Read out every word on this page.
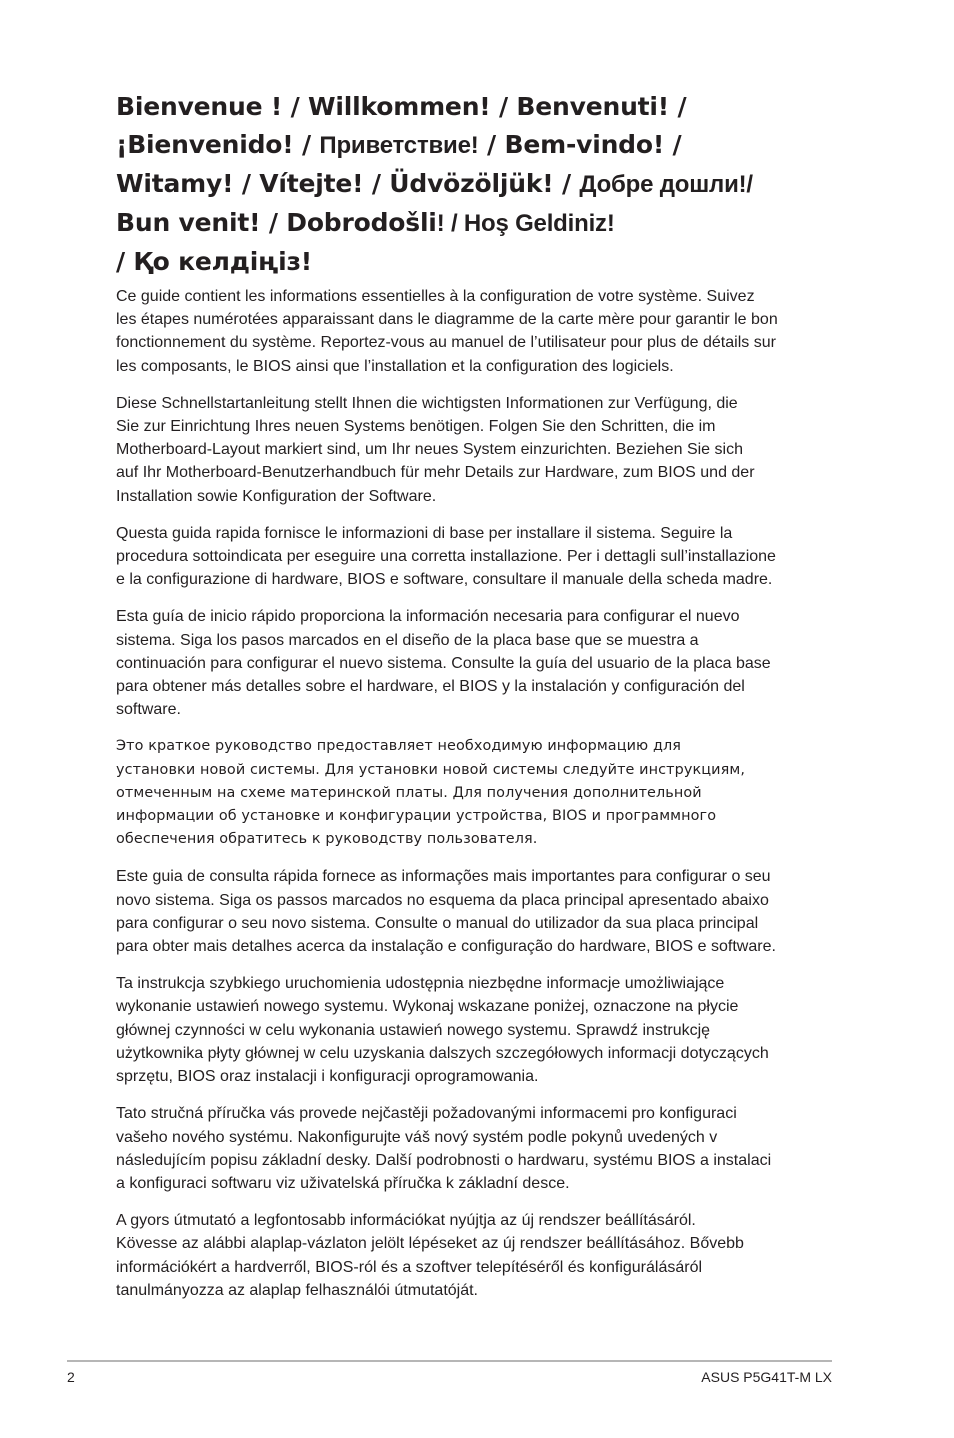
Bienvenue ! / Willkommen! / Benvenuti! /
¡Bienvenido! / Приветствие! / Bem-vindo! /
Witamy! / Vítejte! / Üdvözöljük! / Добре дошли!/
Bun venit! / Dobrodošli! / Hoş Geldiniz!
/ Қо келдіңіз!

Ce guide contient les informations essentielles à la configuration de votre système. Suivez
les étapes numérotées apparaissant dans le diagramme de la carte mère pour garantir le bon
fonctionnement du système. Reportez-vous au manuel de l’utilisateur pour plus de détails sur
les composants, le BIOS ainsi que l’installation et la configuration des logiciels.

Diese Schnellstartanleitung stellt Ihnen die wichtigsten Informationen zur Verfügung, die
Sie zur Einrichtung Ihres neuen Systems benötigen. Folgen Sie den Schritten, die im
Motherboard-Layout markiert sind, um Ihr neues System einzurichten. Beziehen Sie sich
auf Ihr Motherboard-Benutzerhandbuch für mehr Details zur Hardware, zum BIOS und der
Installation sowie Konfiguration der Software.

Questa guida rapida fornisce le informazioni di base per installare il sistema. Seguire la
procedura sottoindicata per eseguire una corretta installazione. Per i dettagli sull’installazione
e la configurazione di hardware, BIOS e software, consultare il manuale della scheda madre.

Esta guía de inicio rápido proporciona la información necesaria para configurar el nuevo
sistema. Siga los pasos marcados en el diseño de la placa base que se muestra a
continuación para configurar el nuevo sistema. Consulte la guía del usuario de la placa base
para obtener más detalles sobre el hardware, el BIOS y la instalación y configuración del
software.

Это краткое руководство предоставляет необходимую информацию для
установки новой системы. Для установки новой системы следуйте инструкциям,
отмеченным на схеме материнской платы. Для получения дополнительной
информации об установке и конфигурации устройства, BIOS и программного
обеспечения обратитесь к руководству пользователя.

Este guia de consulta rápida fornece as informações mais importantes para configurar o seu
novo sistema. Siga os passos marcados no esquema da placa principal apresentado abaixo
para configurar o seu novo sistema. Consulte o manual do utilizador da sua placa principal
para obter mais detalhes acerca da instalação e configuração do hardware, BIOS e software.

Ta instrukcja szybkiego uruchomienia udostępnia niezbędne informacje umożliwiające
wykonanie ustawień nowego systemu. Wykonaj wskazane poniżej, oznaczone na płycie
głównej czynności w celu wykonania ustawień nowego systemu. Sprawdź instrukcję
użytkownika płyty głównej w celu uzyskania dalszych szczegółowych informacji dotyczących
sprzętu, BIOS oraz instalacji i konfiguracji oprogramowania.

Tato stručná příručka vás provede nejčastěji požadovanými informacemi pro konfiguraci
vašeho nového systému. Nakonfigurujte váš nový systém podle pokynů uvedených v
následujícím popisu základní desky. Další podrobnosti o hardwaru, systému BIOS a instalaci
a konfiguraci softwaru viz uživatelská příručka k základní desce.

A gyors útmutató a legfontosabb információkat nyújtja az új rendszer beállításáról.
Kövesse az alábbi alaplap-vázlaton jelölt lépéseket az új rendszer beállításához. Bővebb
információkért a hardverről, BIOS-ról és a szoftver telepítéséről és konfigurálásáról
tanulmányozza az alaplap felhasználói útmutatóját.

2	ASUS P5G41T-M LX
